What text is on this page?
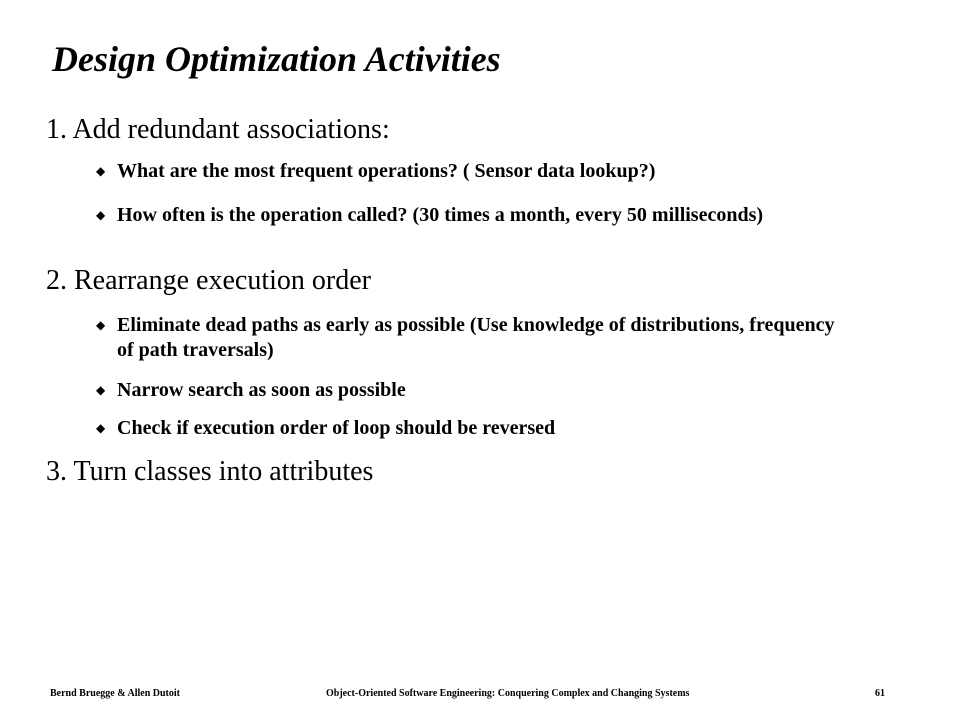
Design Optimization Activities
1. Add redundant associations:
◆ What are the most frequent operations? ( Sensor data lookup?)
◆ How often is the operation called? (30 times a month, every 50 milliseconds)
2. Rearrange execution order
◆ Eliminate dead paths as early as possible (Use knowledge of distributions, frequency of path traversals)
◆ Narrow search as soon as possible
◆ Check if execution order of loop should be reversed
3. Turn classes into attributes
Bernd Bruegge & Allen Dutoit	Object-Oriented Software Engineering: Conquering Complex and Changing Systems	61
